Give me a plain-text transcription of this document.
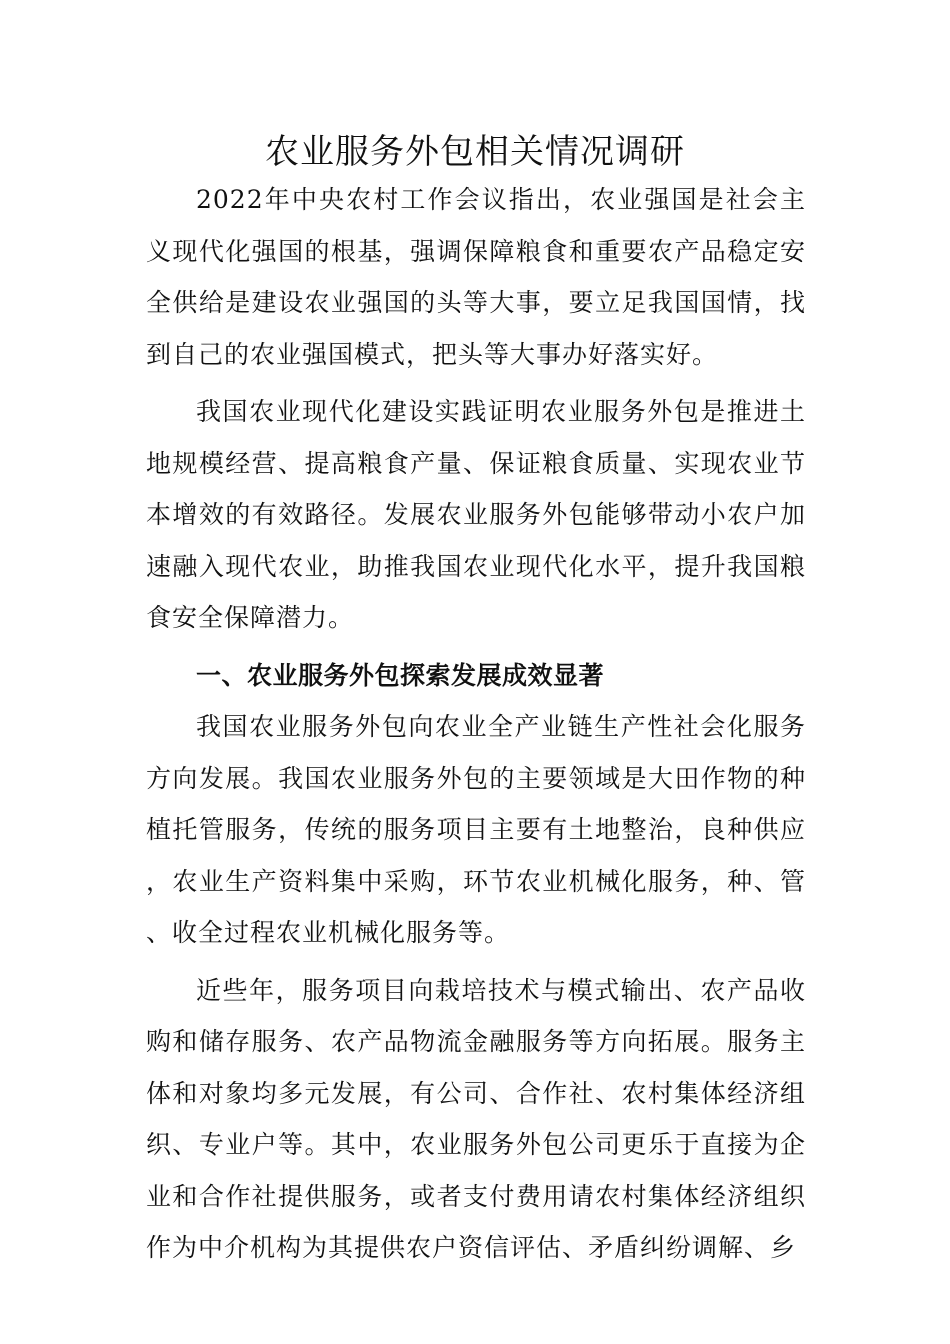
农业服务外包相关情况调研

2022年中央农村工作会议指出，农业强国是社会主义现代化强国的根基，强调保障粮食和重要农产品稳定安全供给是建设农业强国的头等大事，要立足我国国情，找到自己的农业强国模式，把头等大事办好落实好。

我国农业现代化建设实践证明农业服务外包是推进土地规模经营、提高粮食产量、保证粮食质量、实现农业节本增效的有效路径。发展农业服务外包能够带动小农户加速融入现代农业，助推我国农业现代化水平，提升我国粮食安全保障潜力。

一、农业服务外包探索发展成效显著

我国农业服务外包向农业全产业链生产性社会化服务方向发展。我国农业服务外包的主要领域是大田作物的种植托管服务，传统的服务项目主要有土地整治，良种供应，农业生产资料集中采购，环节农业机械化服务，种、管、收全过程农业机械化服务等。

近些年，服务项目向栽培技术与模式输出、农产品收购和储存服务、农产品物流金融服务等方向拓展。服务主体和对象均多元发展，有公司、合作社、农村集体经济组织、专业户等。其中，农业服务外包公司更乐于直接为企业和合作社提供服务，或者支付费用请农村集体经济组织作为中介机构为其提供农户资信评估、矛盾纠纷调解、乡
